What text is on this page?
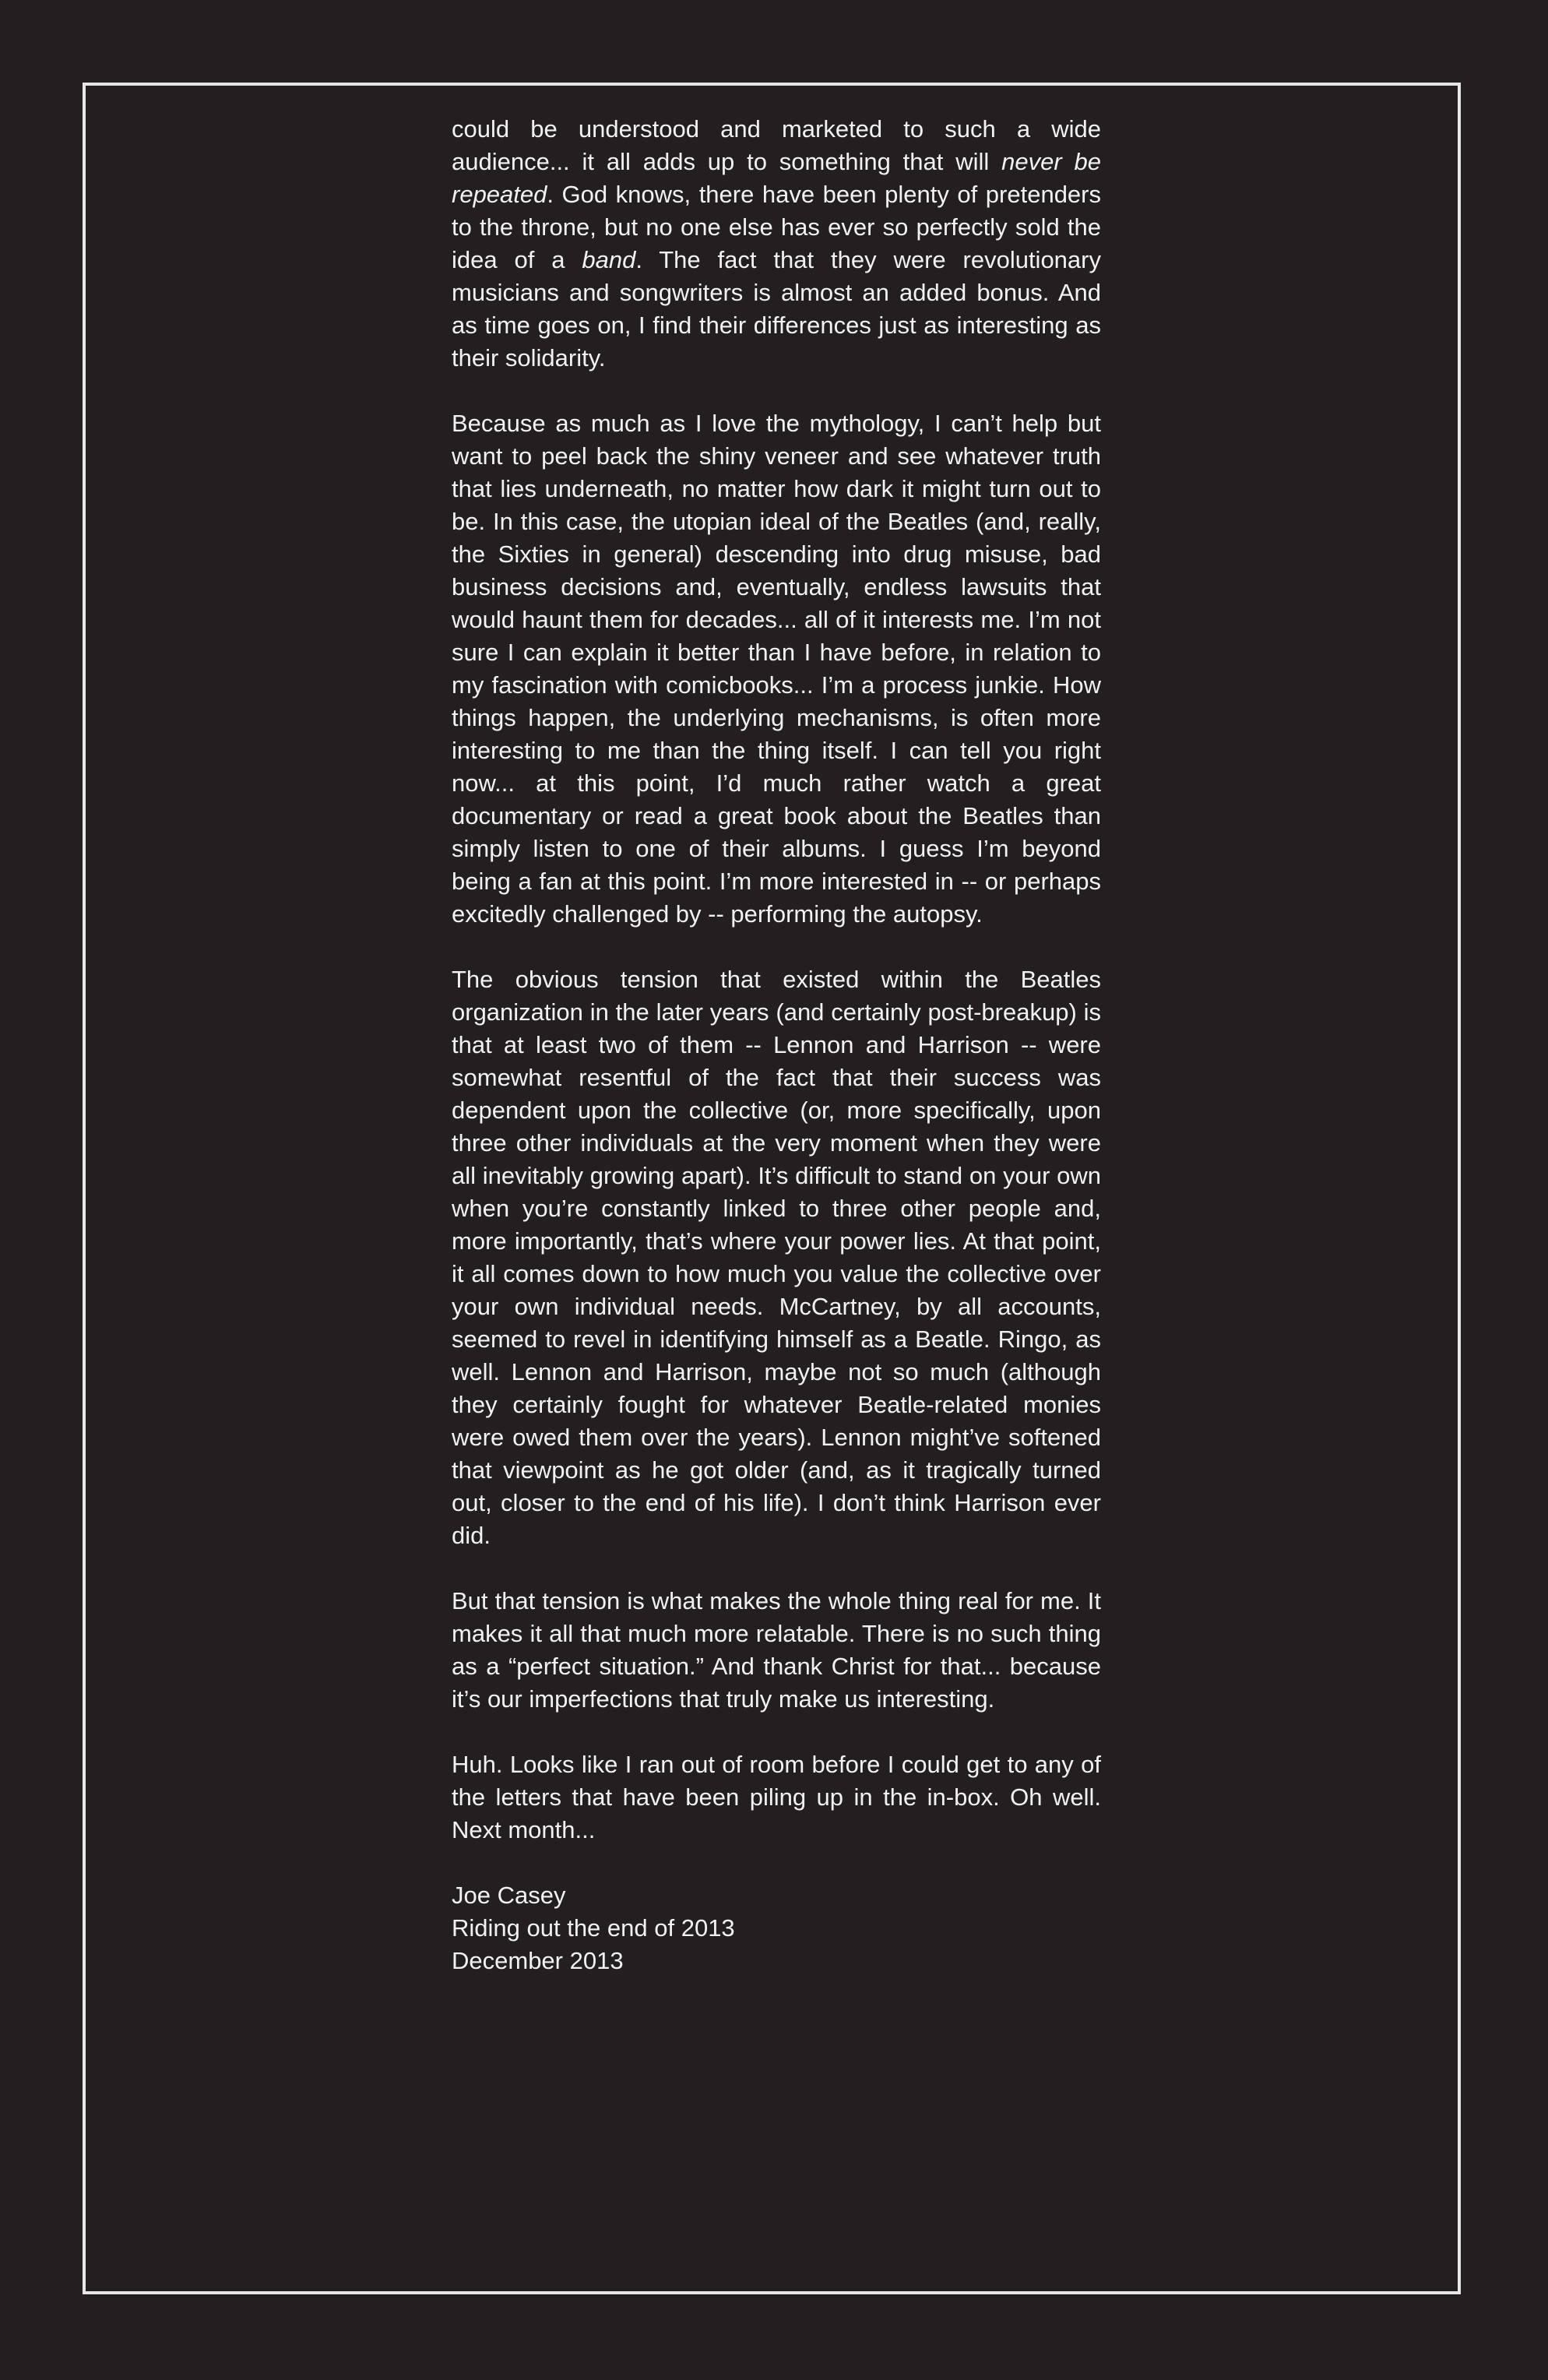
could be understood and marketed to such a wide audience... it all adds up to something that will never be repeated. God knows, there have been plenty of pretenders to the throne, but no one else has ever so perfectly sold the idea of a band. The fact that they were revolutionary musicians and songwriters is almost an added bonus. And as time goes on, I find their differences just as interesting as their solidarity.

Because as much as I love the mythology, I can’t help but want to peel back the shiny veneer and see whatever truth that lies underneath, no matter how dark it might turn out to be. In this case, the utopian ideal of the Beatles (and, really, the Sixties in general) descending into drug misuse, bad business decisions and, eventually, endless lawsuits that would haunt them for decades... all of it interests me. I’m not sure I can explain it better than I have before, in relation to my fascination with comicbooks... I’m a process junkie. How things happen, the underlying mechanisms, is often more interesting to me than the thing itself. I can tell you right now... at this point, I’d much rather watch a great documentary or read a great book about the Beatles than simply listen to one of their albums. I guess I’m beyond being a fan at this point. I’m more interested in -- or perhaps excitedly challenged by -- performing the autopsy.

The obvious tension that existed within the Beatles organization in the later years (and certainly post-breakup) is that at least two of them -- Lennon and Harrison -- were somewhat resentful of the fact that their success was dependent upon the collective (or, more specifically, upon three other individuals at the very moment when they were all inevitably growing apart). It’s difficult to stand on your own when you’re constantly linked to three other people and, more importantly, that’s where your power lies. At that point, it all comes down to how much you value the collective over your own individual needs. McCartney, by all accounts, seemed to revel in identifying himself as a Beatle. Ringo, as well. Lennon and Harrison, maybe not so much (although they certainly fought for whatever Beatle-related monies were owed them over the years). Lennon might’ve softened that viewpoint as he got older (and, as it tragically turned out, closer to the end of his life). I don’t think Harrison ever did.

But that tension is what makes the whole thing real for me. It makes it all that much more relatable. There is no such thing as a “perfect situation.” And thank Christ for that... because it’s our imperfections that truly make us interesting.

Huh. Looks like I ran out of room before I could get to any of the letters that have been piling up in the in-box. Oh well. Next month...

Joe Casey

Riding out the end of 2013

December 2013
